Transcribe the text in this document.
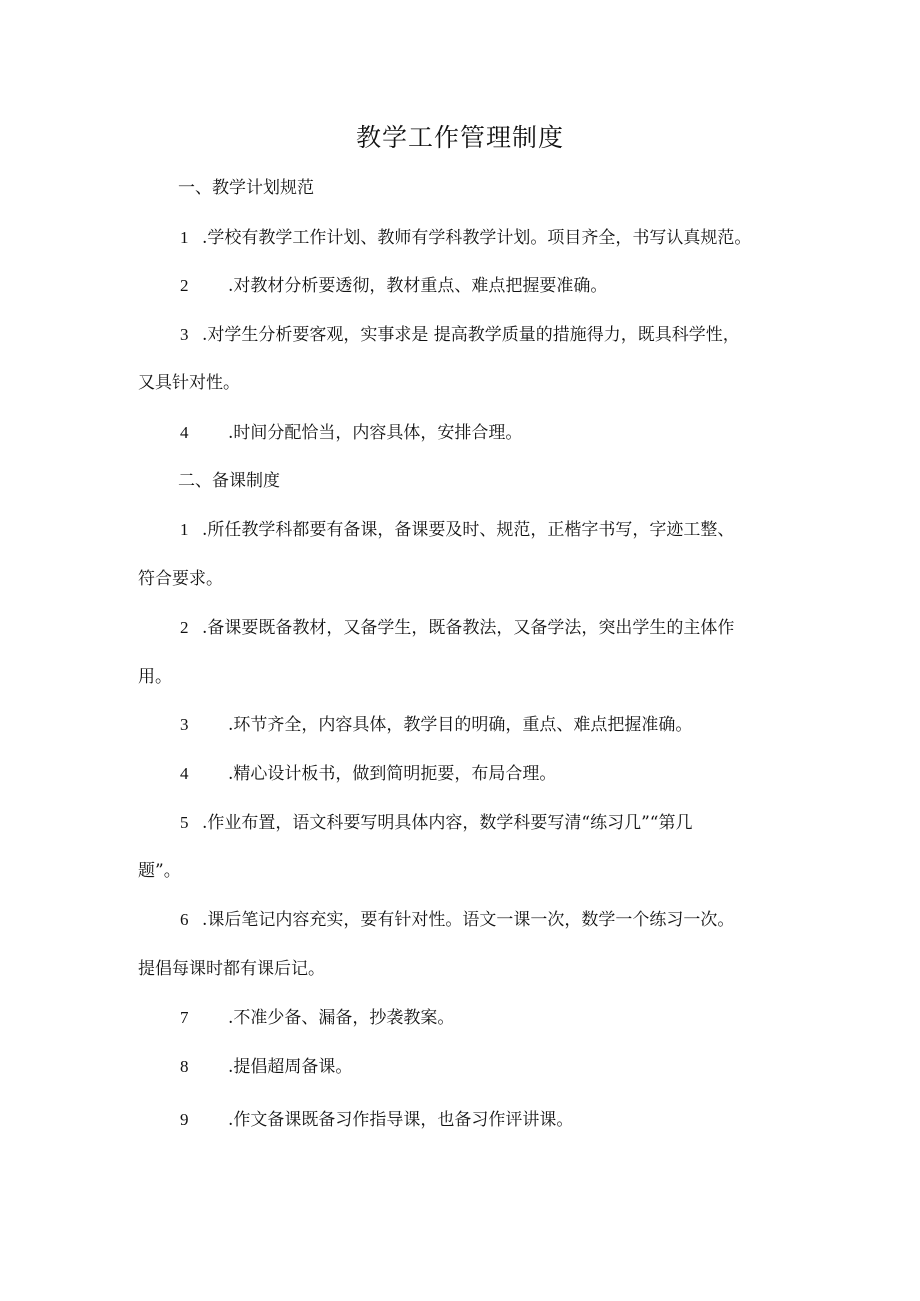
教学工作管理制度
一、教学计划规范
1 .学校有教学工作计划、教师有学科教学计划。项目齐全，书写认真规范。
2 .对教材分析要透彻，教材重点、难点把握要准确。
3 .对学生分析要客观，实事求是 提高教学质量的措施得力，既具科学性，
又具针对性。
4 .时间分配恰当，内容具体，安排合理。
二、备课制度
1 .所任教学科都要有备课，备课要及时、规范，正楷字书写，字迹工整、
符合要求。
2 .备课要既备教材，又备学生，既备教法，又备学法，突出学生的主体作
用。
3 .环节齐全，内容具体，教学目的明确，重点、难点把握准确。
4 .精心设计板书，做到简明扼要，布局合理。
5 .作业布置，语文科要写明具体内容，数学科要写清“练习几”“第几
题”。
6 .课后笔记内容充实，要有针对性。语文一课一次，数学一个练习一次。
提倡每课时都有课后记。
7 .不准少备、漏备，抄袭教案。
8 .提倡超周备课。
9 .作文备课既备习作指导课，也备习作评讲课。
